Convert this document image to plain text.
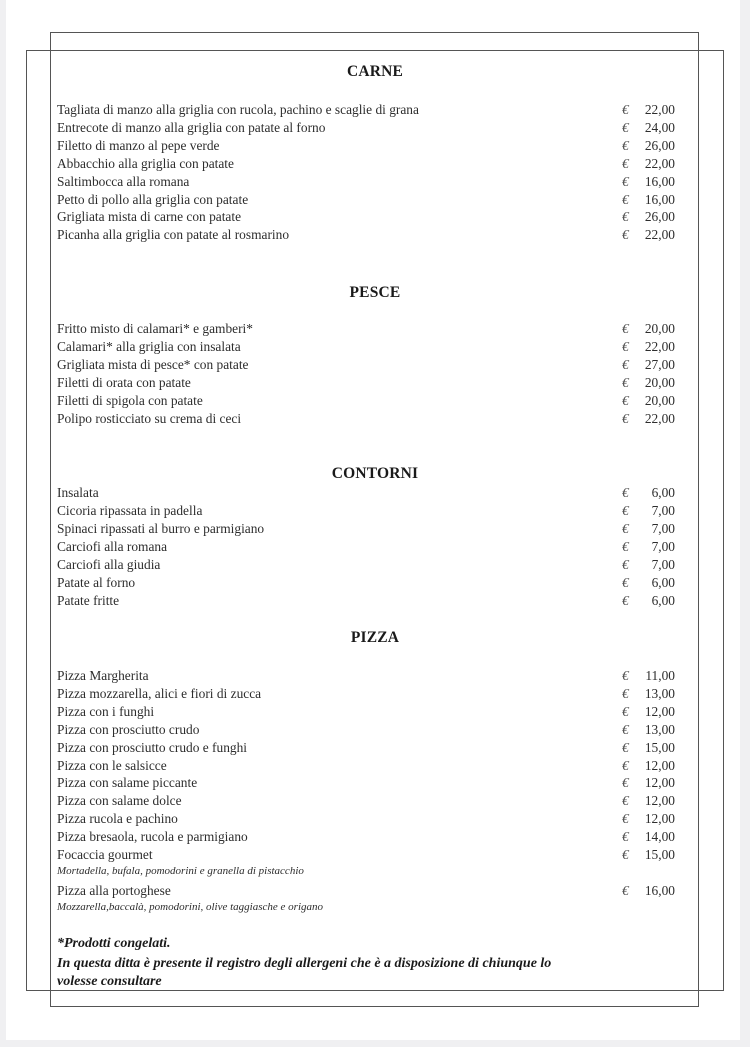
CARNE
Tagliata di manzo alla griglia con rucola, pachino e scaglie di grana	€	22,00
Entrecote di manzo alla griglia con patate al forno	€	24,00
Filetto di manzo al pepe verde	€	26,00
Abbacchio alla griglia con patate	€	22,00
Saltimbocca alla romana	€	16,00
Petto di pollo alla griglia con patate	€	16,00
Grigliata mista di carne con patate	€	26,00
Picanha alla griglia con patate al rosmarino	€	22,00
PESCE
Fritto misto di calamari* e gamberi*	€	20,00
Calamari* alla griglia con insalata	€	22,00
Grigliata mista di pesce* con patate	€	27,00
Filetti di orata con patate	€	20,00
Filetti di spigola con patate	€	20,00
Polipo rosticciato su crema di ceci	€	22,00
CONTORNI
Insalata	€	6,00
Cicoria ripassata in padella	€	7,00
Spinaci ripassati al burro e parmigiano	€	7,00
Carciofi alla romana	€	7,00
Carciofi alla giudia	€	7,00
Patate al forno	€	6,00
Patate fritte	€	6,00
PIZZA
Pizza Margherita	€	11,00
Pizza mozzarella, alici e fiori di zucca	€	13,00
Pizza con i funghi	€	12,00
Pizza con prosciutto crudo	€	13,00
Pizza con prosciutto crudo e funghi	€	15,00
Pizza con le salsicce	€	12,00
Pizza con salame piccante	€	12,00
Pizza con salame dolce	€	12,00
Pizza rucola e pachino	€	12,00
Pizza bresaola, rucola e parmigiano	€	14,00
Focaccia gourmet	€	15,00
Mortadella, bufala, pomodorini e granella di pistacchio
Pizza alla portoghese	€	16,00
Mozzarella,baccalà, pomodorini, olive taggiasche e origano
*Prodotti congelati.
In questa ditta è presente il registro degli allergeni che è a disposizione di chiunque lo
volesse consultare
